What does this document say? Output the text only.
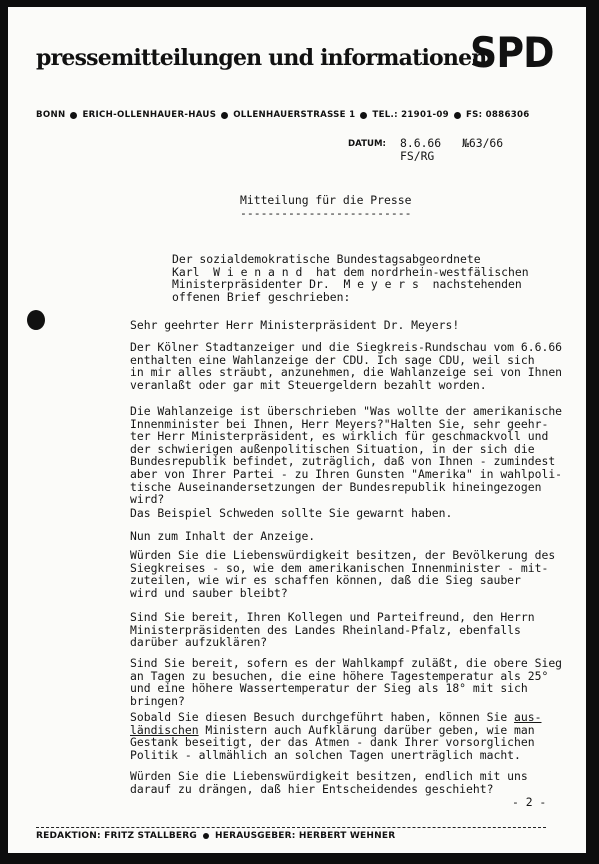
pressemitteilungen und informationen
SPD
BONN ERICH-OLLENHAUER-HAUS OLLENHAUERSTRASSE 1 TEL.: 21901-09 FS: 0886306
DATUM: 8.6.66 №63/66
FS/RG
Mitteilung für die Presse
-------------------------
Der sozialdemokratische Bundestagsabgeordnete
Karl  W i e n a n d  hat dem nordrhein-westfälischen
Ministerpräsidenter Dr.  M e y e r s  nachstehenden
offenen Brief geschrieben:
Sehr geehrter Herr Ministerpräsident Dr. Meyers!
Der Kölner Stadtanzeiger und die Siegkreis-Rundschau vom 6.6.66
enthalten eine Wahlanzeige der CDU. Ich sage CDU, weil sich
in mir alles sträubt, anzunehmen, die Wahlanzeige sei von Ihnen
veranlaßt oder gar mit Steuergeldern bezahlt worden.
Die Wahlanzeige ist überschrieben "Was wollte der amerikanische
Innenminister bei Ihnen, Herr Meyers?"Halten Sie, sehr geehr-
ter Herr Ministerpräsident, es wirklich für geschmackvoll und
der schwierigen außenpolitischen Situation, in der sich die
Bundesrepublik befindet, zuträglich, daß von Ihnen - zumindest
aber von Ihrer Partei - zu Ihren Gunsten "Amerika" in wahlpoli-
tische Auseinandersetzungen der Bundesrepublik hineingezogen
wird?
Das Beispiel Schweden sollte Sie gewarnt haben.
Nun zum Inhalt der Anzeige.
Würden Sie die Liebenswürdigkeit besitzen, der Bevölkerung des
Siegkreises - so, wie dem amerikanischen Innenminister - mit-
zuteilen, wie wir es schaffen können, daß die Sieg sauber
wird und sauber bleibt?
Sind Sie bereit, Ihren Kollegen und Parteifreund, den Herrn
Ministerpräsidenten des Landes Rheinland-Pfalz, ebenfalls
darüber aufzuklären?
Sind Sie bereit, sofern es der Wahlkampf zuläßt, die obere Sieg
an Tagen zu besuchen, die eine höhere Tagestemperatur als 25°
und eine höhere Wassertemperatur der Sieg als 18° mit sich
bringen?
Sobald Sie diesen Besuch durchgeführt haben, können Sie aus-
ländischen Ministern auch Aufklärung darüber geben, wie man
Gestank beseitigt, der das Atmen - dank Ihrer vorsorglichen
Politik - allmählich an solchen Tagen unerträglich macht.
Würden Sie die Liebenswürdigkeit besitzen, endlich mit uns
darauf zu drängen, daß hier Entscheidendes geschieht?
- 2 -
REDAKTION: FRITZ STALLBERG HERAUSGEBER: HERBERT WEHNER
